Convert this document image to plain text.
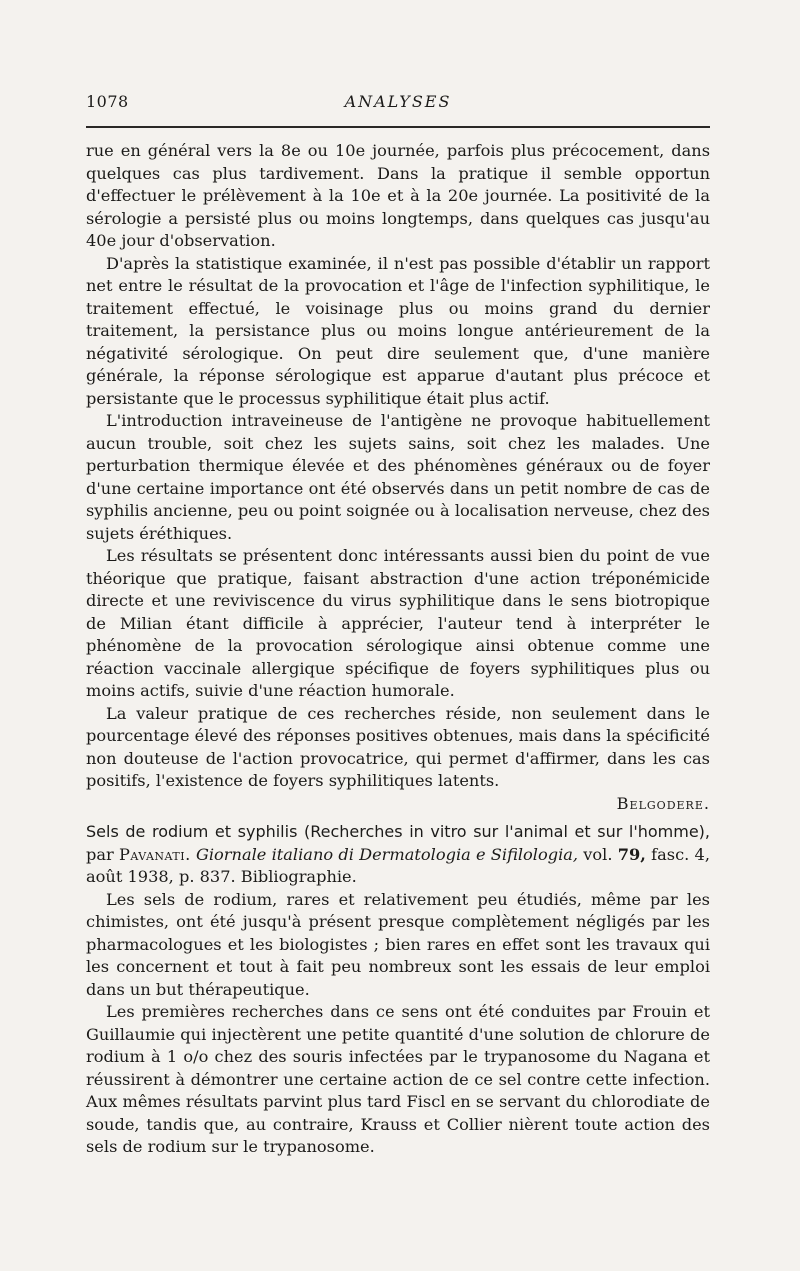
1078	ANALYSES

rue en général vers la 8e ou 10e journée, parfois plus précocement, dans quelques cas plus tardivement. Dans la pratique il semble opportun d'effectuer le prélèvement à la 10e et à la 20e journée. La positivité de la sérologie a persisté plus ou moins longtemps, dans quelques cas jusqu'au 40e jour d'observation.

D'après la statistique examinée, il n'est pas possible d'établir un rapport net entre le résultat de la provocation et l'âge de l'infection syphilitique, le traitement effectué, le voisinage plus ou moins grand du dernier traitement, la persistance plus ou moins longue antérieurement de la négativité sérologique. On peut dire seulement que, d'une manière générale, la réponse sérologique est apparue d'autant plus précoce et persistante que le processus syphilitique était plus actif.

L'introduction intraveineuse de l'antigène ne provoque habituellement aucun trouble, soit chez les sujets sains, soit chez les malades. Une perturbation thermique élevée et des phénomènes généraux ou de foyer d'une certaine importance ont été observés dans un petit nombre de cas de syphilis ancienne, peu ou point soignée ou à localisation nerveuse, chez des sujets éréthiques.

Les résultats se présentent donc intéressants aussi bien du point de vue théorique que pratique, faisant abstraction d'une action tréponémicide directe et une reviviscence du virus syphilitique dans le sens biotropique de Milian étant difficile à apprécier, l'auteur tend à interpréter le phénomène de la provocation sérologique ainsi obtenue comme une réaction vaccinale allergique spécifique de foyers syphilitiques plus ou moins actifs, suivie d'une réaction humorale.

La valeur pratique de ces recherches réside, non seulement dans le pourcentage élevé des réponses positives obtenues, mais dans la spécificité non douteuse de l'action provocatrice, qui permet d'affirmer, dans les cas positifs, l'existence de foyers syphilitiques latents.

Belgodere.

Sels de rodium et syphilis (Recherches in vitro sur l'animal et sur l'homme), par Pavanati. Giornale italiano di Dermatologia e Sifilologia, vol. 79, fasc. 4, août 1938, p. 837. Bibliographie.

Les sels de rodium, rares et relativement peu étudiés, même par les chimistes, ont été jusqu'à présent presque complètement négligés par les pharmacologues et les biologistes ; bien rares en effet sont les travaux qui les concernent et tout à fait peu nombreux sont les essais de leur emploi dans un but thérapeutique.

Les premières recherches dans ce sens ont été conduites par Frouin et Guillaumie qui injectèrent une petite quantité d'une solution de chlorure de rodium à 1 o/o chez des souris infectées par le trypanosome du Nagana et réussirent à démontrer une certaine action de ce sel contre cette infection. Aux mêmes résultats parvint plus tard Fiscl en se servant du chlorodiate de soude, tandis que, au contraire, Krauss et Collier nièrent toute action des sels de rodium sur le trypanosome.
